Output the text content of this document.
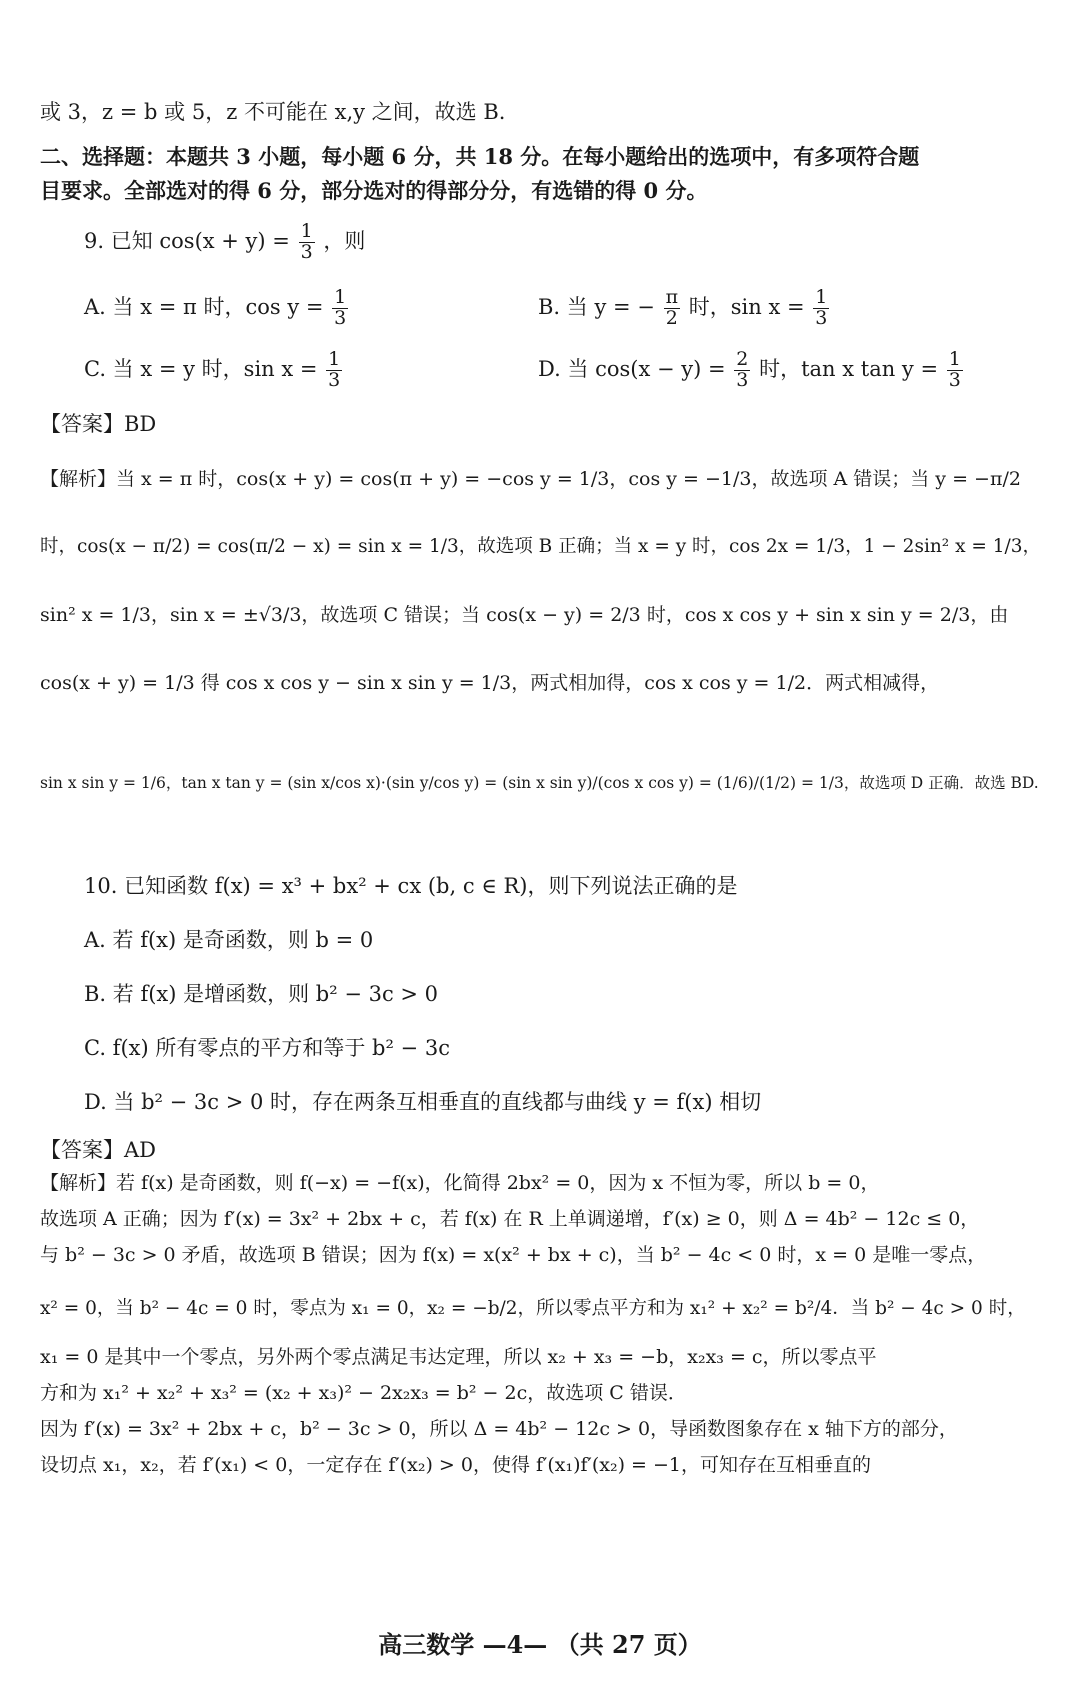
或 3，z = b 或 5，z 不可能在 x,y 之间，故选 B.
二、选择题：本题共 3 小题，每小题 6 分，共 18 分。在每小题给出的选项中，有多项符合题
目要求。全部选对的得 6 分，部分选对的得部分分，有选错的得 0 分。
9. 已知 $\cos(x + y) = \frac{1}{3}$ ，则
A. 当 x = π 时，$\cos y = \frac{1}{3}$	B. 当 y = − $\frac{\pi}{2}$ 时，$\sin x = \frac{1}{3}$
C. 当 x = y 时，$\sin x = \frac{1}{3}$	D. 当 $\cos(x - y) = \frac{2}{3}$ 时，tan x $\tan y = \frac{1}{3}$
【答案】BD
【解析】当 x = π 时，cos(x + y) = cos(π + y) = −cos y = 1/3，cos y = −1/3，故选项 A 错误；当 y = −π/2
时，cos(x − π/2) = cos(π/2 − x) = sin x = 1/3，故选项 B 正确；当 x = y 时，cos 2x = 1/3，1 − 2sin² x = 1/3，
sin² x = 1/3，sin x = ±√3/3，故选项 C 错误；当 cos(x − y) = 2/3 时，cos x cos y + sin x sin y = 2/3，由
cos(x + y) = 1/3 得 cos x cos y − sin x sin y = 1/3，两式相加得，cos x cos y = 1/2．两式相减得，
sin x sin y = 1/6，tan x tan y = (sin x/cos x)·(sin y/cos y) = (sin x sin y)/(cos x cos y) = (1/6)/(1/2) = 1/3，故选项 D 正确．故选 BD.
10. 已知函数 f(x) = x³ + bx² + cx (b, c ∈ R)，则下列说法正确的是
A. 若 f(x) 是奇函数，则 b = 0
B. 若 f(x) 是增函数，则 b² − 3c > 0
C. f(x) 所有零点的平方和等于 b² − 3c
D. 当 b² − 3c > 0 时，存在两条互相垂直的直线都与曲线 y = f(x) 相切
【答案】AD
【解析】若 f(x) 是奇函数，则 f(−x) = −f(x)，化简得 2bx² = 0，因为 x 不恒为零，所以 b = 0，
故选项 A 正确；因为 f′(x) = 3x² + 2bx + c，若 f(x) 在 R 上单调递增，f′(x) ≥ 0，则 Δ = 4b² − 12c ≤ 0，
与 b² − 3c > 0 矛盾，故选项 B 错误；因为 f(x) = x(x² + bx + c)，当 b² − 4c < 0 时，x = 0 是唯一零点，
x² = 0，当 b² − 4c = 0 时，零点为 x₁ = 0，x₂ = −b/2，所以零点平方和为 x₁² + x₂² = b²/4．当 b² − 4c > 0 时，
x₁ = 0 是其中一个零点，另外两个零点满足韦达定理，所以 x₂ + x₃ = −b，x₂x₃ = c，所以零点平
方和为 x₁² + x₂² + x₃² = (x₂ + x₃)² − 2x₂x₃ = b² − 2c，故选项 C 错误．
因为 f′(x) = 3x² + 2bx + c，b² − 3c > 0，所以 Δ = 4b² − 12c > 0，导函数图象存在 x 轴下方的部分，
设切点 x₁，x₂，若 f′(x₁) < 0，一定存在 f′(x₂) > 0，使得 f′(x₁)f′(x₂) = −1，可知存在互相垂直的
高三数学 —4— （共 27 页）
